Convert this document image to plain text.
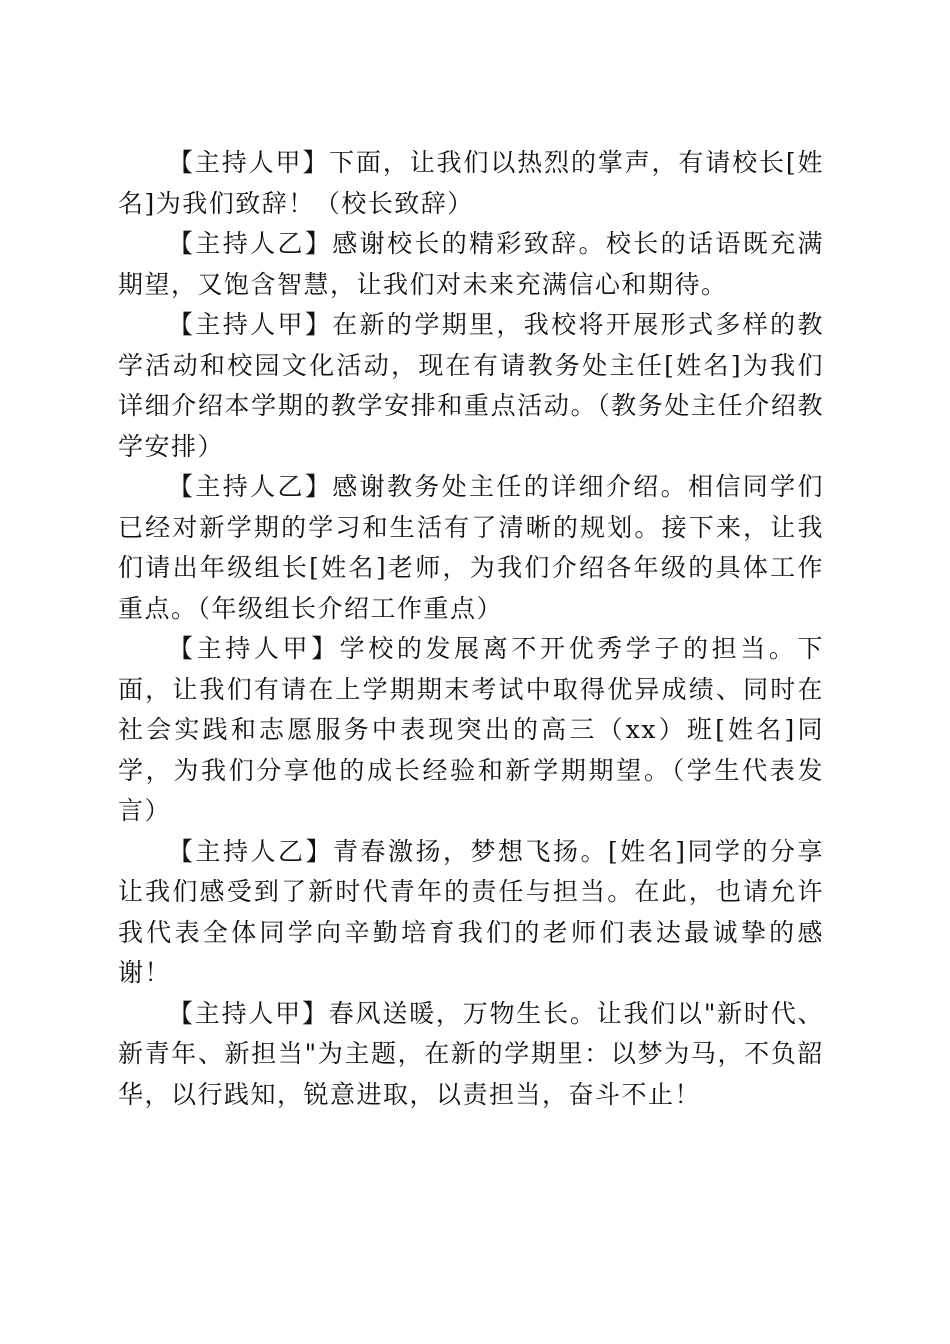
【主持人甲】下面，让我们以热烈的掌声，有请校长[姓名]为我们致辞！（校长致辞）

【主持人乙】感谢校长的精彩致辞。校长的话语既充满期望，又饱含智慧，让我们对未来充满信心和期待。

【主持人甲】在新的学期里，我校将开展形式多样的教学活动和校园文化活动，现在有请教务处主任[姓名]为我们详细介绍本学期的教学安排和重点活动。（教务处主任介绍教学安排）

【主持人乙】感谢教务处主任的详细介绍。相信同学们已经对新学期的学习和生活有了清晰的规划。接下来，让我们请出年级组长[姓名]老师，为我们介绍各年级的具体工作重点。（年级组长介绍工作重点）

【主持人甲】学校的发展离不开优秀学子的担当。下面，让我们有请在上学期期末考试中取得优异成绩、同时在社会实践和志愿服务中表现突出的高三（xx）班[姓名]同学，为我们分享他的成长经验和新学期期望。（学生代表发言）

【主持人乙】青春激扬，梦想飞扬。[姓名]同学的分享让我们感受到了新时代青年的责任与担当。在此，也请允许我代表全体同学向辛勤培育我们的老师们表达最诚挚的感谢！

【主持人甲】春风送暖，万物生长。让我们以"新时代、新青年、新担当"为主题，在新的学期里：以梦为马，不负韶华，以行践知，锐意进取，以责担当，奋斗不止！
